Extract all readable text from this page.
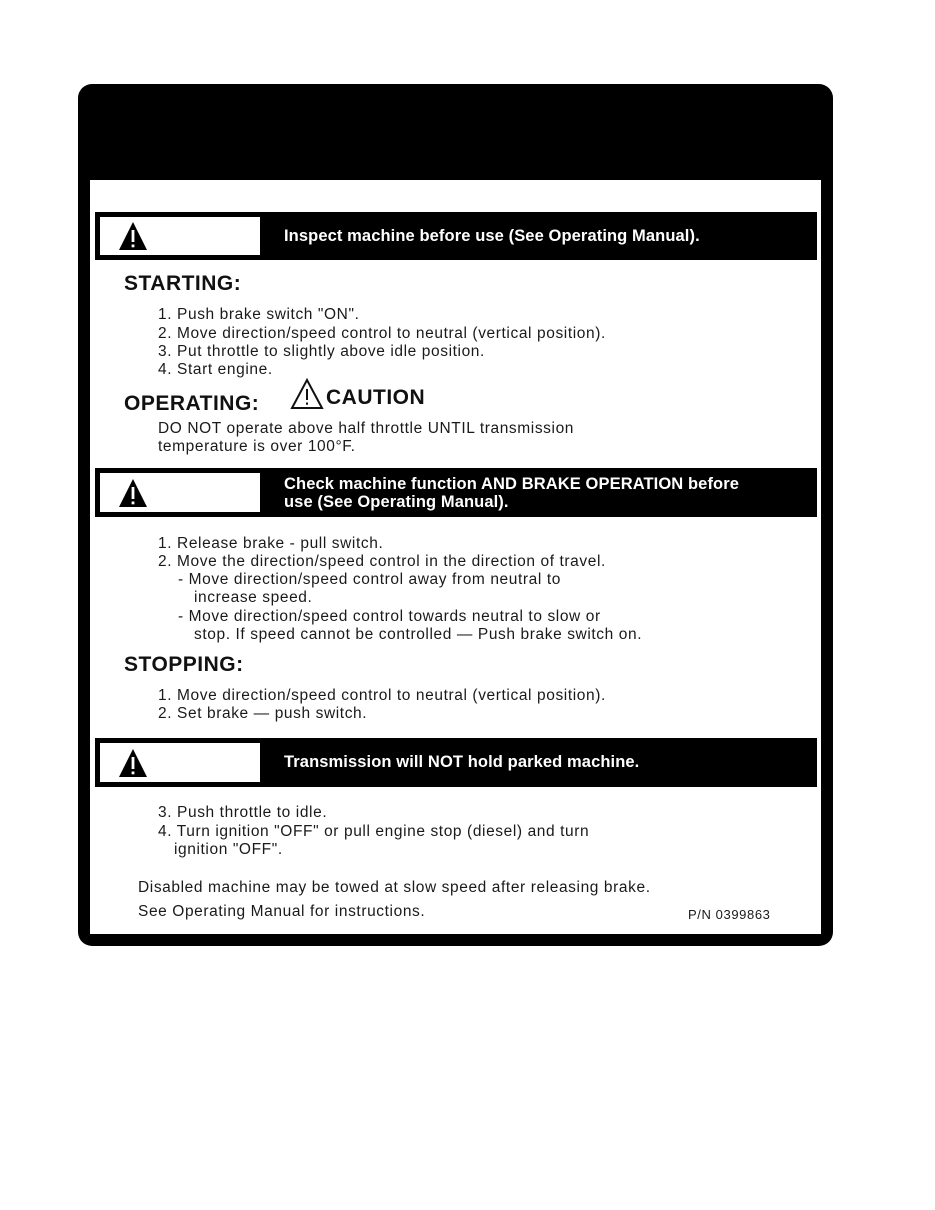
Inspect machine before use (See Operating Manual).
STARTING:
1. Push brake switch "ON".
2. Move direction/speed control to neutral (vertical position).
3. Put throttle to slightly above idle position.
4. Start engine.
OPERATING:	CAUTION
DO NOT operate above half throttle UNTIL transmission
temperature is over 100°F.
Check machine function AND BRAKE OPERATION before
use (See Operating Manual).
1. Release brake - pull switch.
2. Move the direction/speed control in the direction of travel.
- Move direction/speed control away from neutral to
increase speed.
- Move direction/speed control towards neutral to slow or
stop. If speed cannot be controlled — Push brake switch on.
STOPPING:
1. Move direction/speed control to neutral (vertical position).
2. Set brake — push switch.
Transmission will NOT hold parked machine.
3. Push throttle to idle.
4. Turn ignition "OFF" or pull engine stop (diesel) and turn
ignition "OFF".
Disabled machine may be towed at slow speed after releasing brake.
See Operating Manual for instructions.	P/N 0399863
